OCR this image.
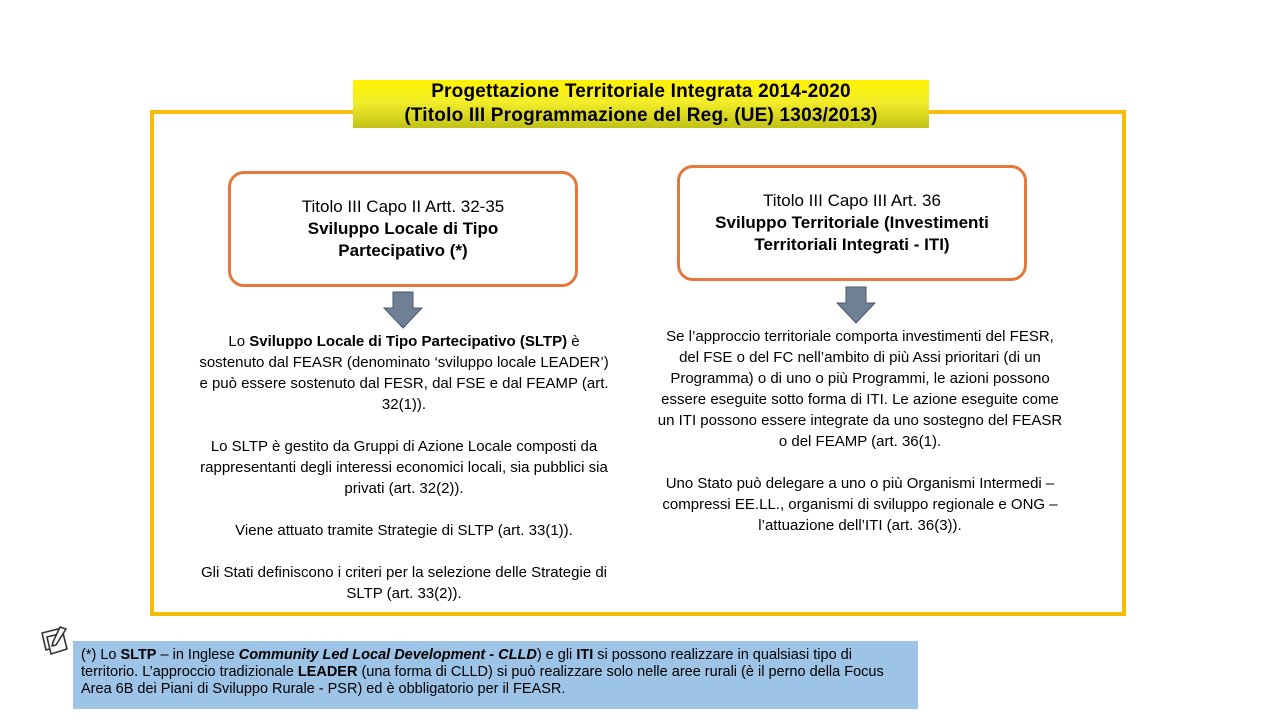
Progettazione Territoriale Integrata 2014-2020
(Titolo III Programmazione del Reg. (UE) 1303/2013)
Titolo III Capo II Artt. 32-35
Sviluppo Locale di Tipo
Partecipativo (*)
Titolo III Capo III Art. 36
Sviluppo Territoriale (Investimenti
Territoriali Integrati - ITI)

Lo Sviluppo Locale di Tipo Partecipativo (SLTP) è sostenuto dal FEASR (denominato ‘sviluppo locale LEADER’) e può essere sostenuto dal FESR, dal FSE e dal FEAMP (art. 32(1)).

Lo SLTP è gestito da Gruppi di Azione Locale composti da rappresentanti degli interessi economici locali, sia pubblici sia privati (art. 32(2)).

Viene attuato tramite Strategie di SLTP (art. 33(1)).

Gli Stati definiscono i criteri per la selezione delle Strategie di SLTP (art. 33(2)).

Se l’approccio territoriale comporta investimenti del FESR, del FSE o del FC nell’ambito di più Assi prioritari (di un Programma) o di uno o più Programmi, le azioni possono essere eseguite sotto forma di ITI. Le azione eseguite come un ITI possono essere integrate da uno sostegno del FEASR o del FEAMP (art. 36(1).

Uno Stato può delegare a uno o più Organismi Intermedi – compressi EE.LL., organismi di sviluppo regionale e ONG – l’attuazione dell’ITI (art. 36(3)).

(*) Lo SLTP – in Inglese Community Led Local Development - CLLD) e gli ITI si possono realizzare in qualsiasi tipo di territorio. L’approccio tradizionale LEADER (una forma di CLLD) si può realizzare solo nelle aree rurali (è il perno della Focus Area 6B dei Piani di Sviluppo Rurale - PSR) ed è obbligatorio per il FEASR.
